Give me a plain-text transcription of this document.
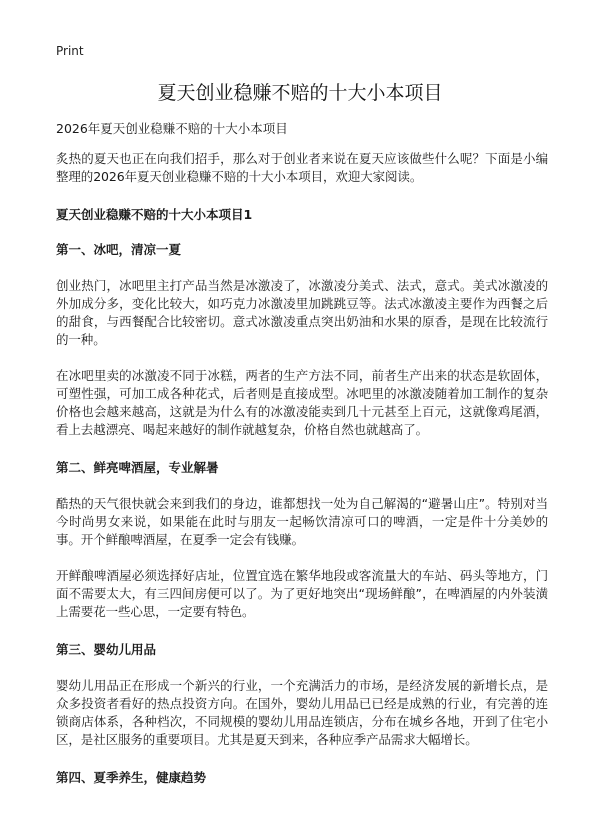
Print
夏天创业稳赚不赔的十大小本项目

2026年夏天创业稳赚不赔的十大小本项目

炙热的夏天也正在向我们招手，那么对于创业者来说在夏天应该做些什么呢？下面是小编整理的2026年夏天创业稳赚不赔的十大小本项目，欢迎大家阅读。

夏天创业稳赚不赔的十大小本项目1

第一、冰吧，清凉一夏

创业热门，冰吧里主打产品当然是冰激凌了，冰激凌分美式、法式，意式。美式冰激凌的外加成分多，变化比较大，如巧克力冰激凌里加跳跳豆等。法式冰激凌主要作为西餐之后的甜食，与西餐配合比较密切。意式冰激凌重点突出奶油和水果的原香，是现在比较流行的一种。

在冰吧里卖的冰激凌不同于冰糕，两者的生产方法不同，前者生产出来的状态是软固体，可塑性强，可加工成各种花式，后者则是直接成型。冰吧里的冰激凌随着加工制作的复杂价格也会越来越高，这就是为什么有的冰激凌能卖到几十元甚至上百元，这就像鸡尾酒，看上去越漂亮、喝起来越好的制作就越复杂，价格自然也就越高了。

第二、鲜亮啤酒屋，专业解暑

酷热的天气很快就会来到我们的身边，谁都想找一处为自己解渴的“避暑山庄”。特别对当今时尚男女来说，如果能在此时与朋友一起畅饮清凉可口的啤酒，一定是件十分美妙的事。开个鲜酿啤酒屋，在夏季一定会有钱赚。

开鲜酿啤酒屋必须选择好店址，位置宜选在繁华地段或客流量大的车站、码头等地方，门面不需要太大，有三四间房便可以了。为了更好地突出“现场鲜酿”，在啤酒屋的内外装潢上需要花一些心思，一定要有特色。

第三、婴幼儿用品

婴幼儿用品正在形成一个新兴的行业，一个充满活力的市场，是经济发展的新增长点，是众多投资者看好的热点投资方向。在国外，婴幼儿用品已已经是成熟的行业，有完善的连锁商店体系，各种档次，不同规模的婴幼儿用品连锁店，分布在城乡各地，开到了住宅小区，是社区服务的重要项目。尤其是夏天到来，各种应季产品需求大幅增长。

第四、夏季养生，健康趋势
